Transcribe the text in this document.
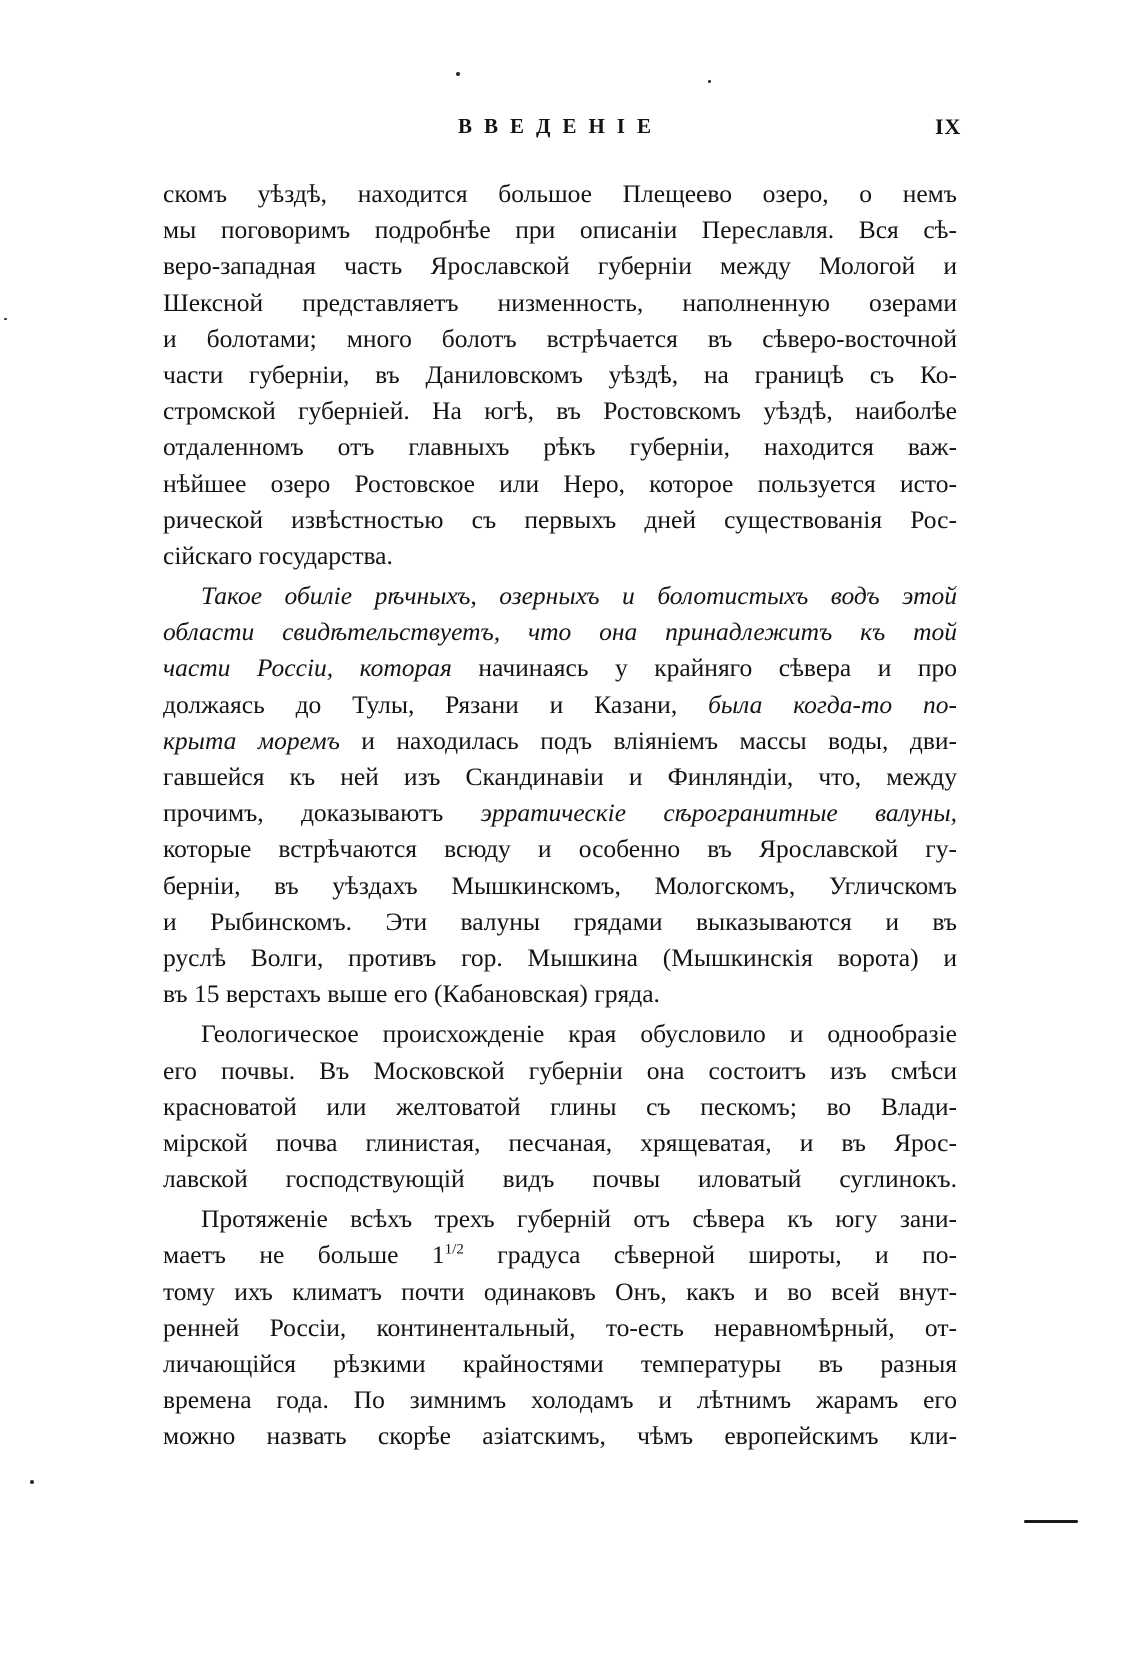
ВВЕДЕНІЕ	IX
скомъ уѣздѣ, находится большое Плещеево озеро, о немъ
мы поговоримъ подробнѣе при описаніи Переславля. Вся сѣ-
веро-западная часть Ярославской губерніи между Мологой и
Шексной представляетъ низменность, наполненную озерами
и болотами; много болотъ встрѣчается въ сѣверо-восточной
части губерніи, въ Даниловскомъ уѣздѣ, на границѣ съ Ко-
стромской губерніей. На югѣ, въ Ростовскомъ уѣздѣ, наиболѣе
отдаленномъ отъ главныхъ рѣкъ губерніи, находится важ-
нѣйшее озеро Ростовское или Неро, которое пользуется исто-
рической извѣстностью съ первыхъ дней существованія Рос-
сійскаго государства.
Такое обиліе рѣчныхъ, озерныхъ и болотистыхъ водъ этой
области свидѣтельствуетъ, что она принадлежитъ къ той
части Россіи, которая начинаясь у крайняго сѣвера и про
должаясь до Тулы, Рязани и Казани, была когда-то по-
крыта моремъ и находилась подъ вліяніемъ массы воды, дви-
гавшейся къ ней изъ Скандинавіи и Финляндіи, что, между
прочимъ, доказываютъ эрратическіе сѣрогранитные валуны,
которые встрѣчаются всюду и особенно въ Ярославской гу-
берніи, въ уѣздахъ Мышкинскомъ, Мологскомъ, Угличскомъ
и Рыбинскомъ. Эти валуны грядами выказываются и въ
руслѣ Волги, противъ гор. Мышкина (Мышкинскія ворота) и
въ 15 верстахъ выше его (Кабановская) гряда.
Геологическое происхожденіе края обусловило и однообразіе
его почвы. Въ Московской губерніи она состоитъ изъ смѣси
красноватой или желтоватой глины съ пескомъ; во Влади-
мірской почва глинистая, песчаная, хрящеватая, и въ Ярос-
лавской господствующій видъ почвы иловатый суглинокъ.
Протяженіе всѣхъ трехъ губерній отъ сѣвера къ югу зани-
маетъ не больше $1^{1/2}$ градуса сѣверной широты, и по-
тому ихъ климатъ почти одинаковъ Онъ, какъ и во всей внут-
ренней Россіи, континентальный, то-есть неравномѣрный, от-
личающійся рѣзкими крайностями температуры въ разныя
времена года. По зимнимъ холодамъ и лѣтнимъ жарамъ его
можно назвать скорѣе азіатскимъ, чѣмъ европейскимъ кли-
